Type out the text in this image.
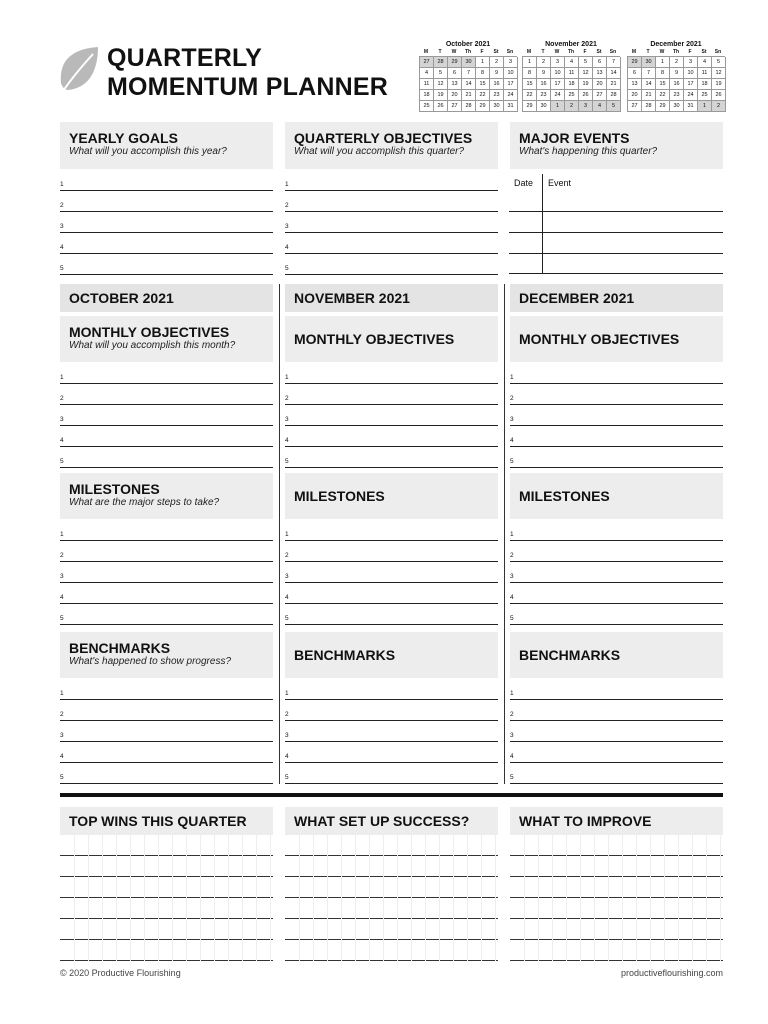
QUARTERLY
MOMENTUM PLANNER
October 2021
M	T	W	Th	F	St	Sn
27	28	29	30	1	2	3
4	5	6	7	8	9	10
11	12	13	14	15	16	17
18	19	20	21	22	23	24
25	26	27	28	29	30	31
November 2021
M	T	W	Th	F	St	Sn
1	2	3	4	5	6	7
8	9	10	11	12	13	14
15	16	17	18	19	20	21
22	23	24	25	26	27	28
29	30	1	2	3	4	5
December 2021
M	T	W	Th	F	St	Sn
29	30	1	2	3	4	5
6	7	8	9	10	11	12
13	14	15	16	17	18	19
20	21	22	23	24	25	26
27	28	29	30	31	1	2
YEARLY GOALS
What will you accomplish this year?
QUARTERLY OBJECTIVES
What will you accomplish this quarter?
MAJOR EVENTS
What's happening this quarter?
1
2
3
4
5
1
2
3
4
5
Date Event
OCTOBER 2021
MONTHLY OBJECTIVES
What will you accomplish this month?
1
2
3
4
5
MILESTONES
What are the major steps to take?
1
2
3
4
5
BENCHMARKS
What's happened to show progress?
1
2
3
4
5
NOVEMBER 2021
MONTHLY OBJECTIVES
1
2
3
4
5
MILESTONES
1
2
3
4
5
BENCHMARKS
1
2
3
4
5
DECEMBER 2021
MONTHLY OBJECTIVES
1
2
3
4
5
MILESTONES
1
2
3
4
5
BENCHMARKS
1
2
3
4
5
TOP WINS THIS QUARTER	WHAT SET UP SUCCESS?	WHAT TO IMPROVE
© 2020 Productive Flourishing	productiveflourishing.com
